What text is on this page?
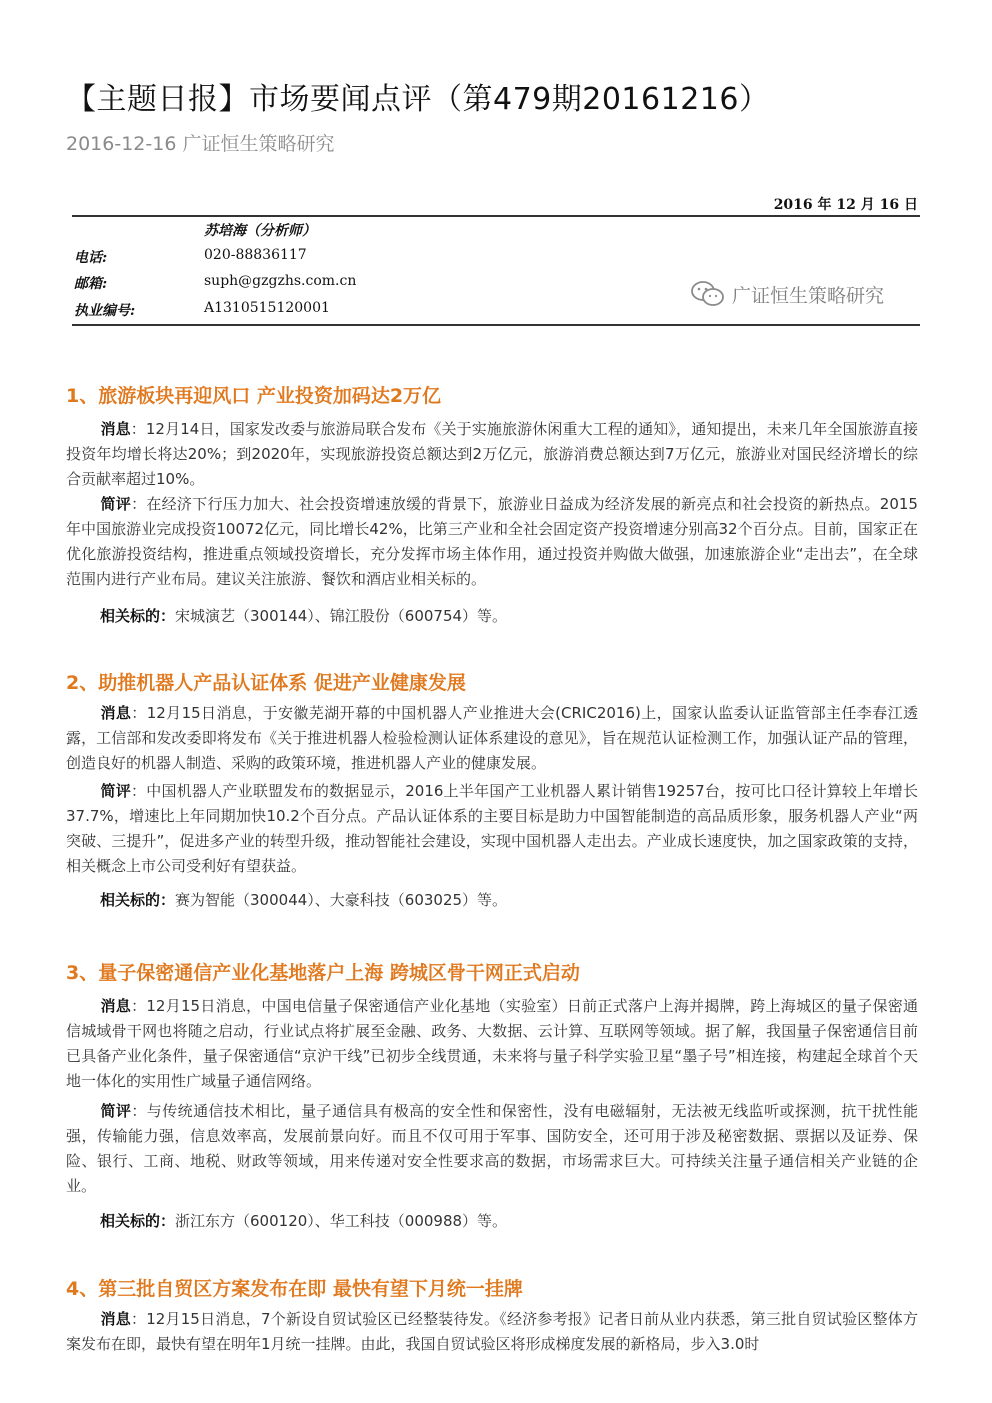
【主题日报】市场要闻点评（第479期20161216）
2016-12-16 广证恒生策略研究
2016 年 12 月 16 日
苏培海（分析师）
电话:	020-88836117
邮箱:	suph@gzgzhs.com.cn
执业编号:	A1310515120001
广证恒生策略研究
1、旅游板块再迎风口 产业投资加码达2万亿

消息：12月14日，国家发改委与旅游局联合发布《关于实施旅游休闲重大工程的通知》，通知提出，未来几年全国旅游直接投资年均增长将达20%；到2020年，实现旅游投资总额达到2万亿元，旅游消费总额达到7万亿元，旅游业对国民经济增长的综合贡献率超过10%。

简评：在经济下行压力加大、社会投资增速放缓的背景下，旅游业日益成为经济发展的新亮点和社会投资的新热点。2015年中国旅游业完成投资10072亿元，同比增长42%，比第三产业和全社会固定资产投资增速分别高32个百分点。目前，国家正在优化旅游投资结构，推进重点领域投资增长，充分发挥市场主体作用，通过投资并购做大做强，加速旅游企业“走出去”，在全球范围内进行产业布局。建议关注旅游、餐饮和酒店业相关标的。

相关标的：宋城演艺（300144）、锦江股份（600754）等。
2、助推机器人产品认证体系 促进产业健康发展

消息：12月15日消息，于安徽芜湖开幕的中国机器人产业推进大会(CRIC2016)上，国家认监委认证监管部主任李春江透露，工信部和发改委即将发布《关于推进机器人检验检测认证体系建设的意见》，旨在规范认证检测工作，加强认证产品的管理，创造良好的机器人制造、采购的政策环境，推进机器人产业的健康发展。

简评：中国机器人产业联盟发布的数据显示，2016上半年国产工业机器人累计销售19257台，按可比口径计算较上年增长37.7%，增速比上年同期加快10.2个百分点。产品认证体系的主要目标是助力中国智能制造的高品质形象，服务机器人产业“两突破、三提升”，促进多产业的转型升级，推动智能社会建设，实现中国机器人走出去。产业成长速度快，加之国家政策的支持，相关概念上市公司受利好有望获益。

相关标的：赛为智能（300044）、大豪科技（603025）等。
3、量子保密通信产业化基地落户上海 跨城区骨干网正式启动

消息：12月15日消息，中国电信量子保密通信产业化基地（实验室）日前正式落户上海并揭牌，跨上海城区的量子保密通信城域骨干网也将随之启动，行业试点将扩展至金融、政务、大数据、云计算、互联网等领域。据了解，我国量子保密通信目前已具备产业化条件，量子保密通信“京沪干线”已初步全线贯通，未来将与量子科学实验卫星“墨子号”相连接，构建起全球首个天地一体化的实用性广域量子通信网络。

简评：与传统通信技术相比，量子通信具有极高的安全性和保密性，没有电磁辐射，无法被无线监听或探测，抗干扰性能强，传输能力强，信息效率高，发展前景向好。而且不仅可用于军事、国防安全，还可用于涉及秘密数据、票据以及证券、保险、银行、工商、地税、财政等领域，用来传递对安全性要求高的数据，市场需求巨大。可持续关注量子通信相关产业链的企业。

相关标的：浙江东方（600120）、华工科技（000988）等。
4、第三批自贸区方案发布在即 最快有望下月统一挂牌

消息：12月15日消息，7个新设自贸试验区已经整装待发。《经济参考报》记者日前从业内获悉，第三批自贸试验区整体方案发布在即，最快有望在明年1月统一挂牌。由此，我国自贸试验区将形成梯度发展的新格局，步入3.0时
